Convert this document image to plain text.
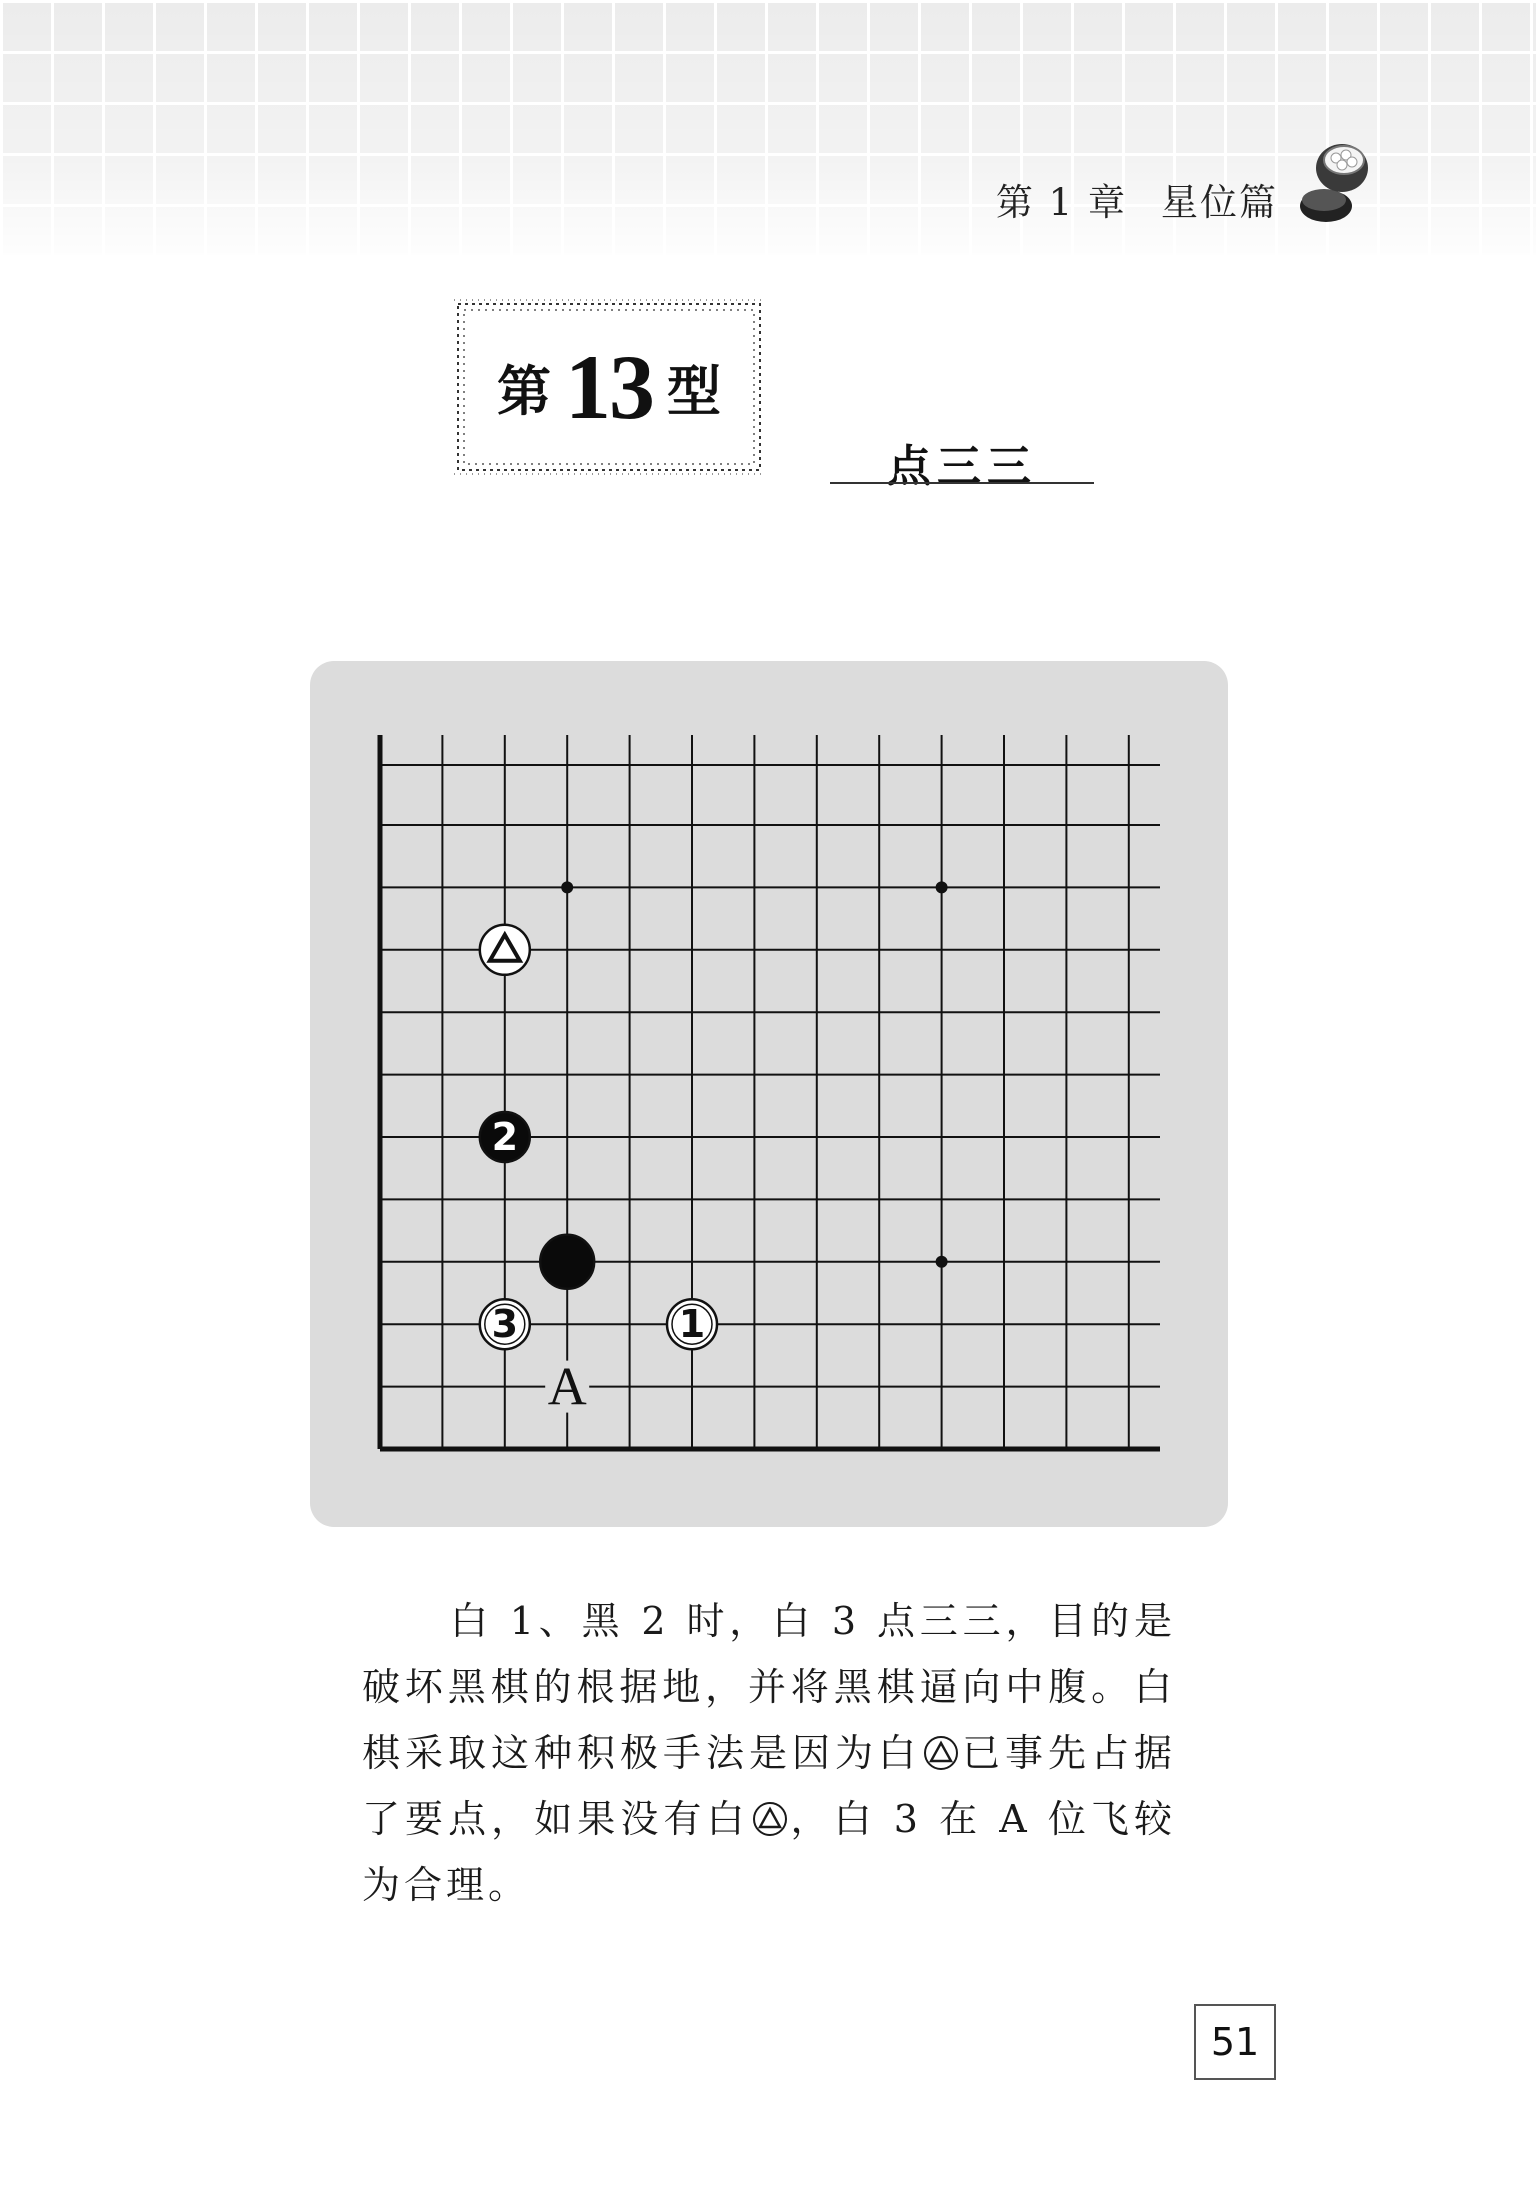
第 1 章 星位篇
第 13 型
点三三
A
2
3	1
白 1、黑 2 时，白 3 点三三，目的是破坏黑棋的根据地，并将黑棋逼向中腹。白棋采取这种积极手法是因为白 已事先占据了要点，如果没有白 ，白 3 在 A 位飞较为合理。
51
